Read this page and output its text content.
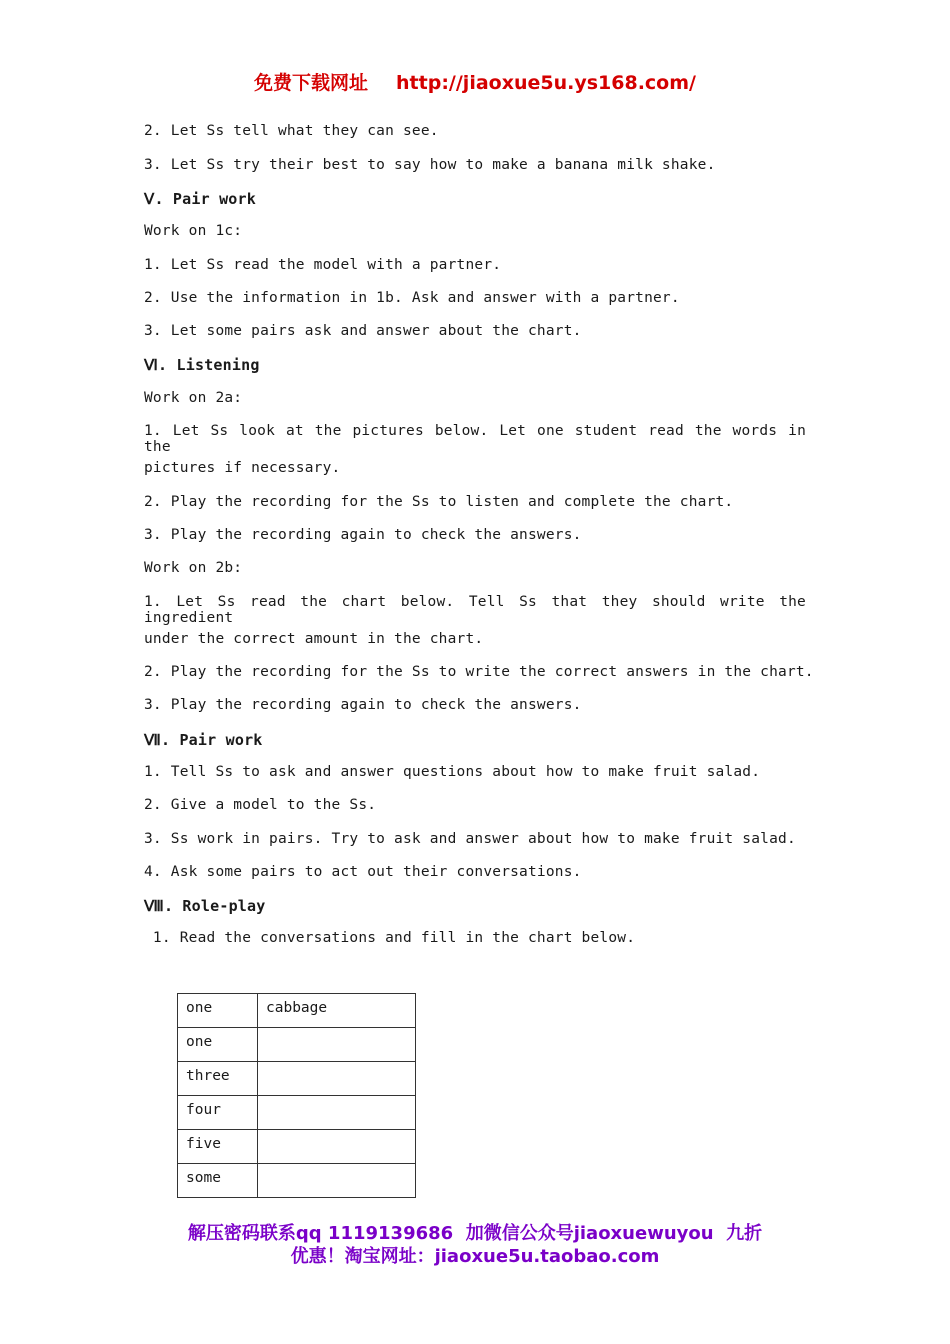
免费下载网址 http://jiaoxue5u.ys168.com/
2. Let Ss tell what they can see.
3. Let Ss try their best to say how to make a banana milk shake.
Ⅴ. Pair work
Work on 1c:
1. Let Ss read the model with a partner.
2. Use the information in 1b. Ask and answer with a partner.
3. Let some pairs ask and answer about the chart.
Ⅵ. Listening
Work on 2a:
1. Let Ss look at the pictures below. Let one student read the words in the
pictures if necessary.
2. Play the recording for the Ss to listen and complete the chart.
3. Play the recording again to check the answers.
Work on 2b:
1. Let Ss read the chart below. Tell Ss that they should write the ingredient
under the correct amount in the chart.
2. Play the recording for the Ss to write the correct answers in the chart.
3. Play the recording again to check the answers.
Ⅶ. Pair work
1. Tell Ss to ask and answer questions about how to make fruit salad.
2. Give a model to the Ss.
3. Ss work in pairs. Try to ask and answer about how to make fruit salad.
4. Ask some pairs to act out their conversations.
Ⅷ. Role-play
1. Read the conversations and fill in the chart below.
one	cabbage
one	
three	
four	
five	
some	
解压密码联系qq 1119139686  加微信公众号jiaoxuewuyou  九折
优惠！淘宝网址：jiaoxue5u.taobao.com
